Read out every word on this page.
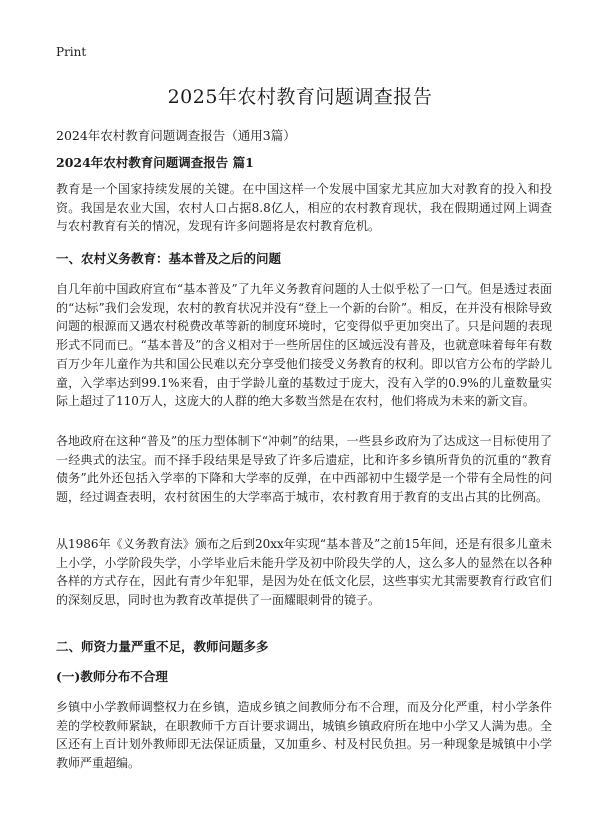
Print
2025年农村教育问题调查报告
2024年农村教育问题调查报告（通用3篇）
2024年农村教育问题调查报告 篇1

教育是一个国家持续发展的关键。在中国这样一个发展中国家尤其应加大对教育的投入和投资。我国是农业大国，农村人口占据8.8亿人，相应的农村教育现状，我在假期通过网上调查与农村教育有关的情况，发现有许多问题将是农村教育危机。

一、农村义务教育：基本普及之后的问题

自几年前中国政府宣布“基本普及”了九年义务教育问题的人士似乎松了一口气。但是透过表面的“达标”我们会发现，农村的教育状况并没有“登上一个新的台阶”。相反，在并没有根除导致问题的根源而又遇农村税费改革等新的制度环境时，它变得似乎更加突出了。只是问题的表现形式不同而已。“基本普及”的含义相对于一些所居住的区域远没有普及，也就意味着每年有数百万少年儿童作为共和国公民难以充分享受他们接受义务教育的权利。即以官方公布的学龄儿童，入学率达到99.1%来看，由于学龄儿童的基数过于庞大，没有入学的0.9%的儿童数量实际上超过了110万人，这庞大的人群的绝大多数当然是在农村，他们将成为未来的新文盲。

各地政府在这种“普及”的压力型体制下“冲刺”的结果，一些县乡政府为了达成这一目标使用了一经典式的法宝。而不择手段结果是导致了许多后遗症，比和许多乡镇所背负的沉重的“教育债务”此外还包括入学率的下降和大学率的反弹，在中西部初中生辍学是一个带有全局性的问题，经过调查表明，农村贫困生的大学率高于城市，农村教育用于教育的支出占其的比例高。

从1986年《义务教育法》颁布之后到20xx年实现“基本普及”之前15年间，还是有很多儿童未上小学，小学阶段失学，小学毕业后未能升学及初中阶段失学的人，这么多人的显然在以各种各样的方式存在，因此有青少年犯罪，是因为处在低文化层，这些事实尤其需要教育行政官们的深刻反思，同时也为教育改革提供了一面耀眼刺骨的镜子。

二、师资力量严重不足，教师问题多多
(一)教师分布不合理

乡镇中小学教师调整权力在乡镇，造成乡镇之间教师分布不合理，而及分化严重，村小学条件差的学校教师紧缺，在职教师千方百计要求调出，城镇乡镇政府所在地中小学又人满为患。全区还有上百计划外教师即无法保证质量，又加重乡、村及村民负担。另一种现象是城镇中小学教师严重超编。
